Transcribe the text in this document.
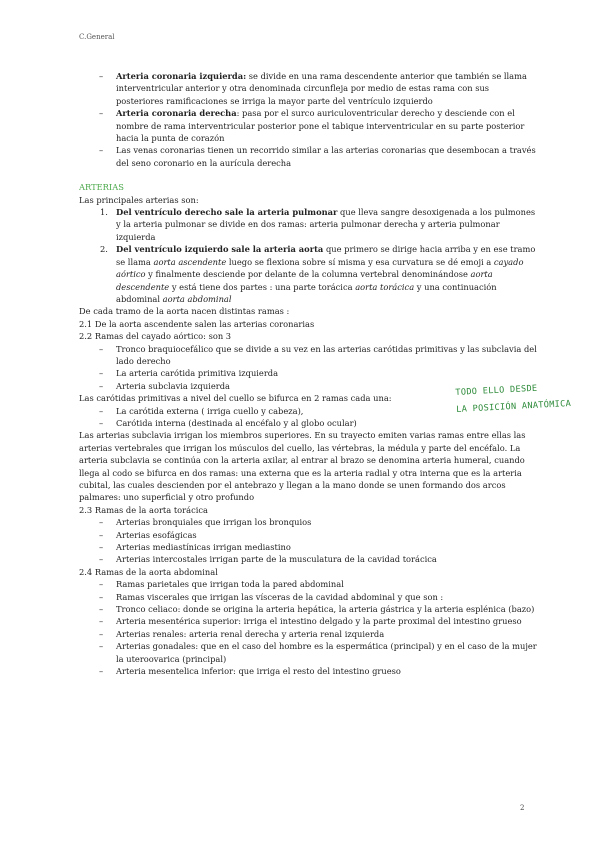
C.General

– Arteria coronaria izquierda: se divide en una rama descendente anterior que también se llama interventricular anterior y otra denominada circunfleja por medio de estas rama con sus posteriores ramificaciones se irriga la mayor parte del ventrículo izquierdo

– Arteria coronaria derecha: pasa por el surco auriculoventricular derecho y desciende con el nombre de rama interventricular posterior pone el tabique interventricular en su parte posterior hacia la punta de corazón

– Las venas coronarias tienen un recorrido similar a las arterias coronarias que desembocan a través del seno coronario en la aurícula derecha

ARTERIAS

Las principales arterias son:

1. Del ventrículo derecho sale la arteria pulmonar que lleva sangre desoxigenada a los pulmones y la arteria pulmonar se divide en dos ramas: arteria pulmonar derecha y arteria pulmonar izquierda

2. Del ventrículo izquierdo sale la arteria aorta que primero se dirige hacia arriba y en ese tramo se llama aorta ascendente luego se flexiona sobre sí misma y esa curvatura se dé emoji a cayado aórtico y finalmente desciende por delante de la columna vertebral denominándose aorta descendente y está tiene dos partes : una parte torácica aorta torácica y una continuación abdominal aorta abdominal

De cada tramo de la aorta nacen distintas ramas :

2.1 De la aorta ascendente salen las arterias coronarias

2.2 Ramas del cayado aórtico: son 3

– Tronco braquiocefálico que se divide a su vez en las arterias carótidas primitivas y las subclavia del lado derecho

– La arteria carótida primitiva izquierda

– Arteria subclavia izquierda

Las carótidas primitivas a nivel del cuello se bifurca en 2 ramas cada una:

– La carótida externa ( irriga cuello y cabeza),

– Carótida interna (destinada al encéfalo y al globo ocular)

Las arterias subclavia irrigan los miembros superiores. En su trayecto emiten varias ramas entre ellas las arterias vertebrales que irrigan los músculos del cuello, las vértebras, la médula y parte del encéfalo. La arteria subclavia se continúa con la arteria axilar, al entrar al brazo se denomina arteria humeral, cuando llega al codo se bifurca en dos ramas: una externa que es la arteria radial y otra interna que es la arteria cubital, las cuales descienden por el antebrazo y llegan a la mano donde se unen formando dos arcos palmares: uno superficial y otro profundo

2.3 Ramas de la aorta torácica

– Arterias bronquiales que irrigan los bronquios

– Arterias esofágicas

– Arterias mediastínicas irrigan mediastino

– Arterias intercostales irrigan parte de la musculatura de la cavidad torácica

2.4 Ramas de la aorta abdominal

– Ramas parietales que irrigan toda la pared abdominal

– Ramas viscerales que irrigan las vísceras de la cavidad abdominal y que son :

– Tronco celiaco: donde se origina la arteria hepática, la arteria gástrica y la arteria esplénica (bazo)

– Arteria mesentérica superior: irriga el intestino delgado y la parte proximal del intestino grueso

– Arterias renales: arteria renal derecha y arteria renal izquierda

– Arterias gonadales: que en el caso del hombre es la espermática (principal) y en el caso de la mujer la uteroovarica (principal)

– Arteria mesentelica inferior: que irriga el resto del intestino grueso

TODO ELLO DESDE
LA POSICIÓN ANATÓMICA
2
